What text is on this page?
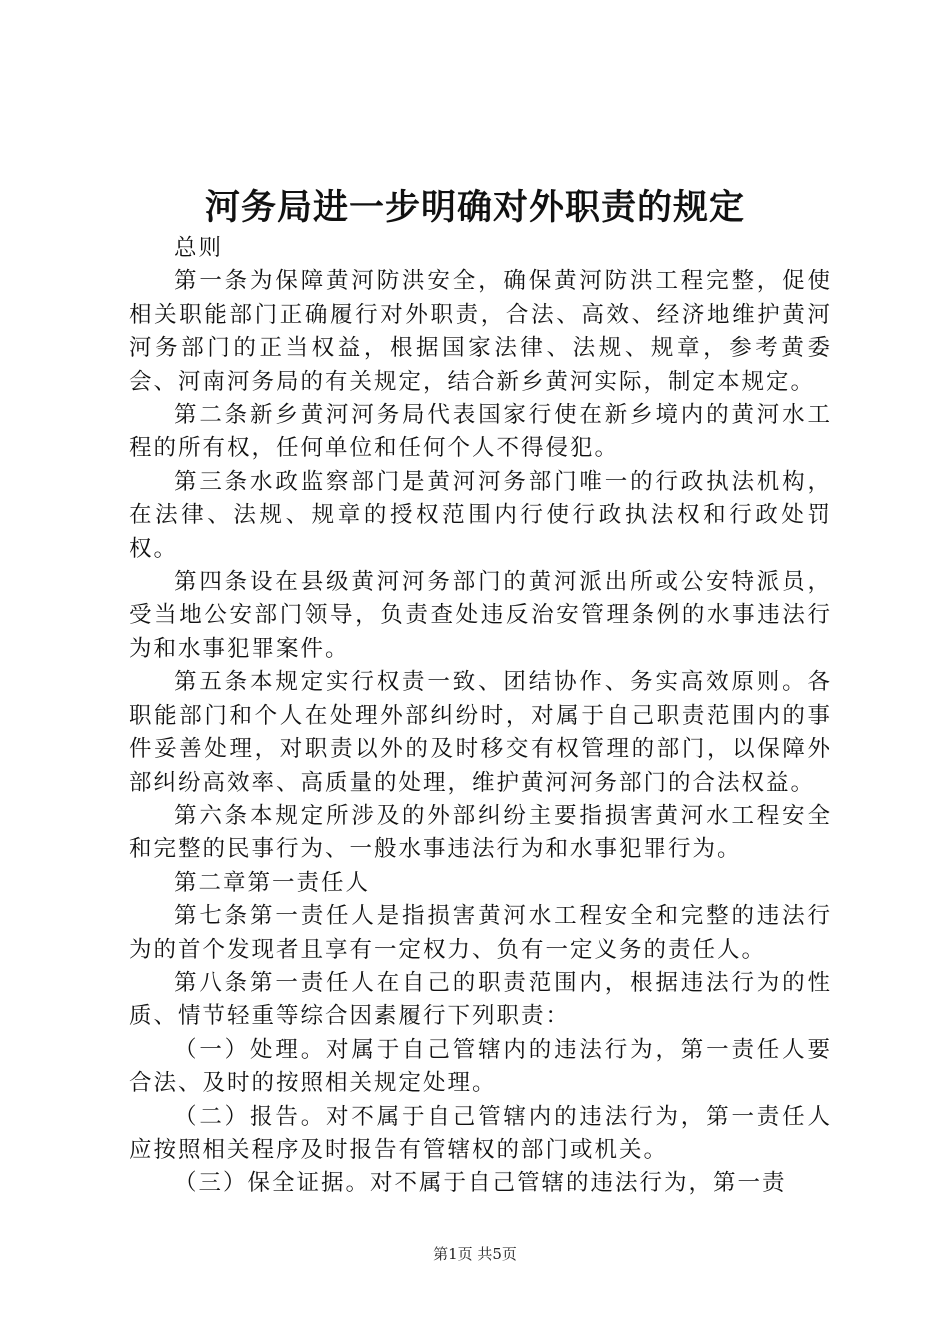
河务局进一步明确对外职责的规定

总则

第一条为保障黄河防洪安全，确保黄河防洪工程完整，促使相关职能部门正确履行对外职责，合法、高效、经济地维护黄河河务部门的正当权益，根据国家法律、法规、规章，参考黄委会、河南河务局的有关规定，结合新乡黄河实际，制定本规定。

第二条新乡黄河河务局代表国家行使在新乡境内的黄河水工程的所有权，任何单位和任何个人不得侵犯。

第三条水政监察部门是黄河河务部门唯一的行政执法机构，在法律、法规、规章的授权范围内行使行政执法权和行政处罚权。

第四条设在县级黄河河务部门的黄河派出所或公安特派员，受当地公安部门领导，负责查处违反治安管理条例的水事违法行为和水事犯罪案件。

第五条本规定实行权责一致、团结协作、务实高效原则。各职能部门和个人在处理外部纠纷时，对属于自己职责范围内的事件妥善处理，对职责以外的及时移交有权管理的部门，以保障外部纠纷高效率、高质量的处理，维护黄河河务部门的合法权益。

第六条本规定所涉及的外部纠纷主要指损害黄河水工程安全和完整的民事行为、一般水事违法行为和水事犯罪行为。

第二章第一责任人

第七条第一责任人是指损害黄河水工程安全和完整的违法行为的首个发现者且享有一定权力、负有一定义务的责任人。

第八条第一责任人在自己的职责范围内，根据违法行为的性质、情节轻重等综合因素履行下列职责：

（一）处理。对属于自己管辖内的违法行为，第一责任人要合法、及时的按照相关规定处理。

（二）报告。对不属于自己管辖内的违法行为，第一责任人应按照相关程序及时报告有管辖权的部门或机关。

（三）保全证据。对不属于自己管辖的违法行为，第一责

第1页 共5页
